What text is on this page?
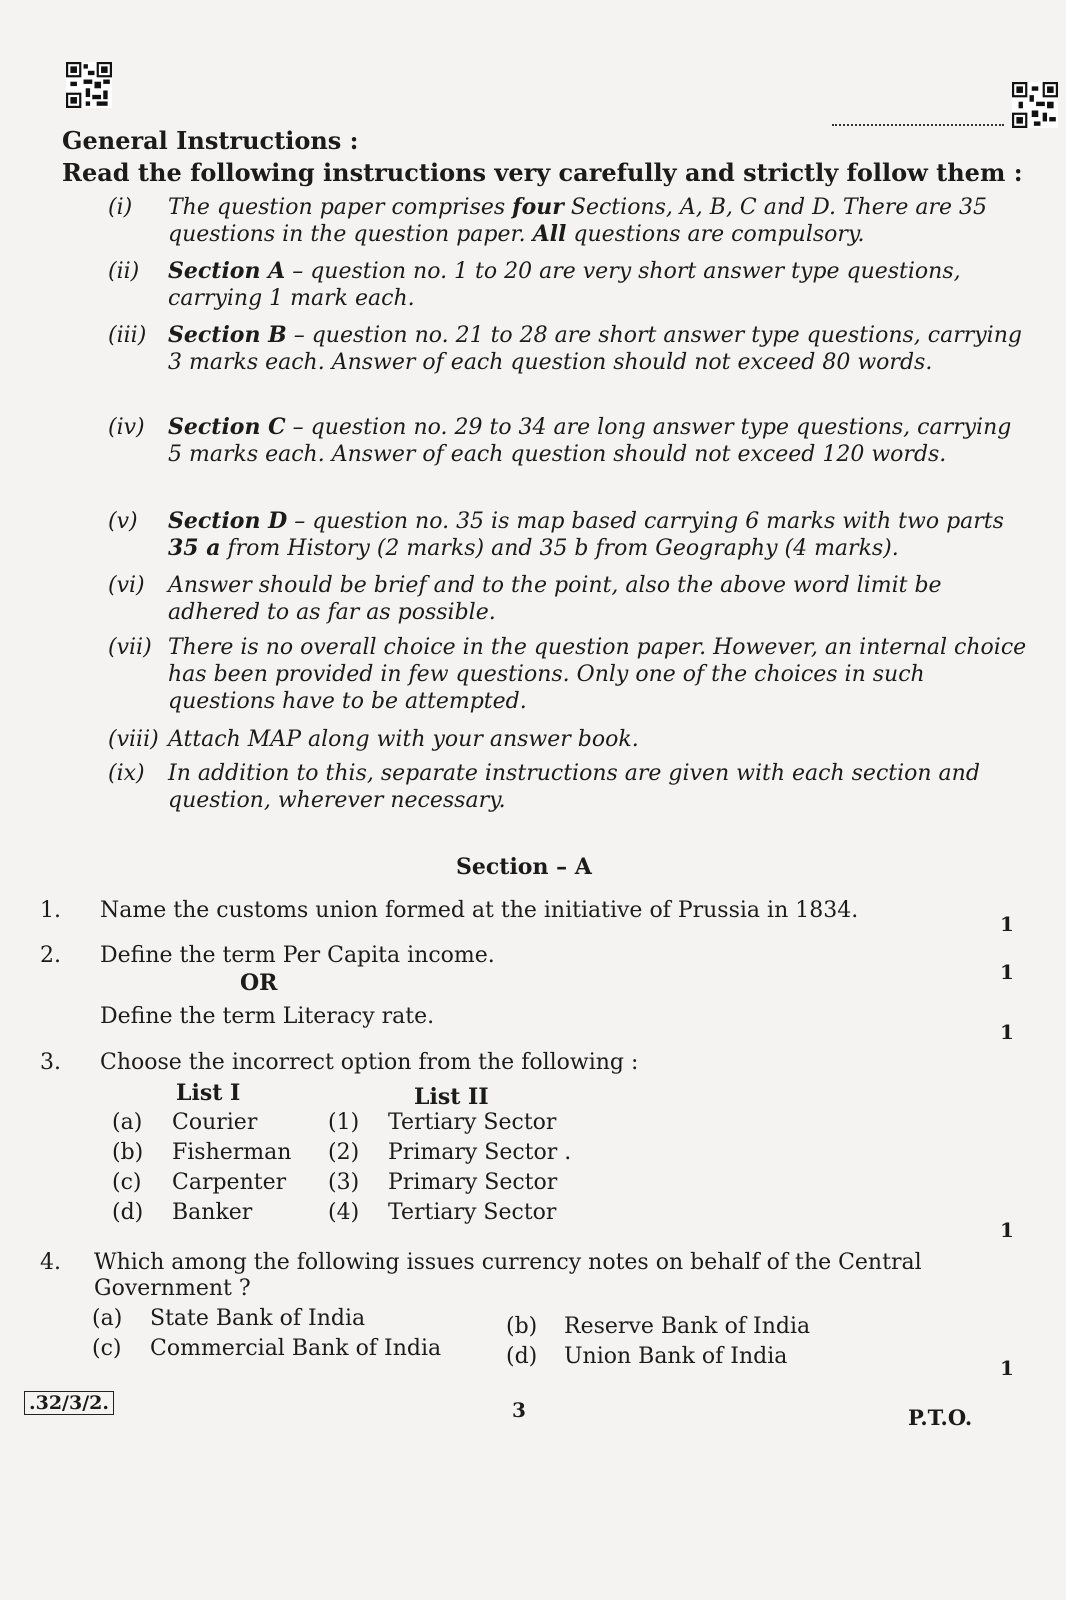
General Instructions :
Read the following instructions very carefully and strictly follow them :
(i)	The question paper comprises four Sections, A, B, C and D. There are 35 questions in the question paper. All questions are compulsory.
(ii)	Section A – question no. 1 to 20 are very short answer type questions, carrying 1 mark each.
(iii) Section B – question no. 21 to 28 are short answer type questions, carrying 3 marks each. Answer of each question should not exceed 80 words.
(iv)	Section C – question no. 29 to 34 are long answer type questions, carrying 5 marks each. Answer of each question should not exceed 120 words.
(v)	Section D – question no. 35 is map based carrying 6 marks with two parts 35 a from History (2 marks) and 35 b from Geography (4 marks).
(vi)	Answer should be brief and to the point, also the above word limit be adhered to as far as possible.
(vii) There is no overall choice in the question paper. However, an internal choice has been provided in few questions. Only one of the choices in such questions have to be attempted.
(viii) Attach MAP along with your answer book.
(ix)	In addition to this, separate instructions are given with each section and question, wherever necessary.
Section – A
1.	Name the customs union formed at the initiative of Prussia in 1834.
1
2.	Define the term Per Capita income.
1
OR
Define the term Literacy rate.
1
3.	Choose the incorrect option from the following :
List I	List II
(a) Courier	(1) Tertiary Sector
(b) Fisherman (2) Primary Sector .
(c) Carpenter (3) Primary Sector
(d) Banker	(4) Tertiary Sector
1
4.	Which among the following issues currency notes on behalf of the Central
Government ?
(a) State Bank of India	(b) Reserve Bank of India
(c) Commercial Bank of India	(d) Union Bank of India	1
.32/3/2.	3	P.T.O.
